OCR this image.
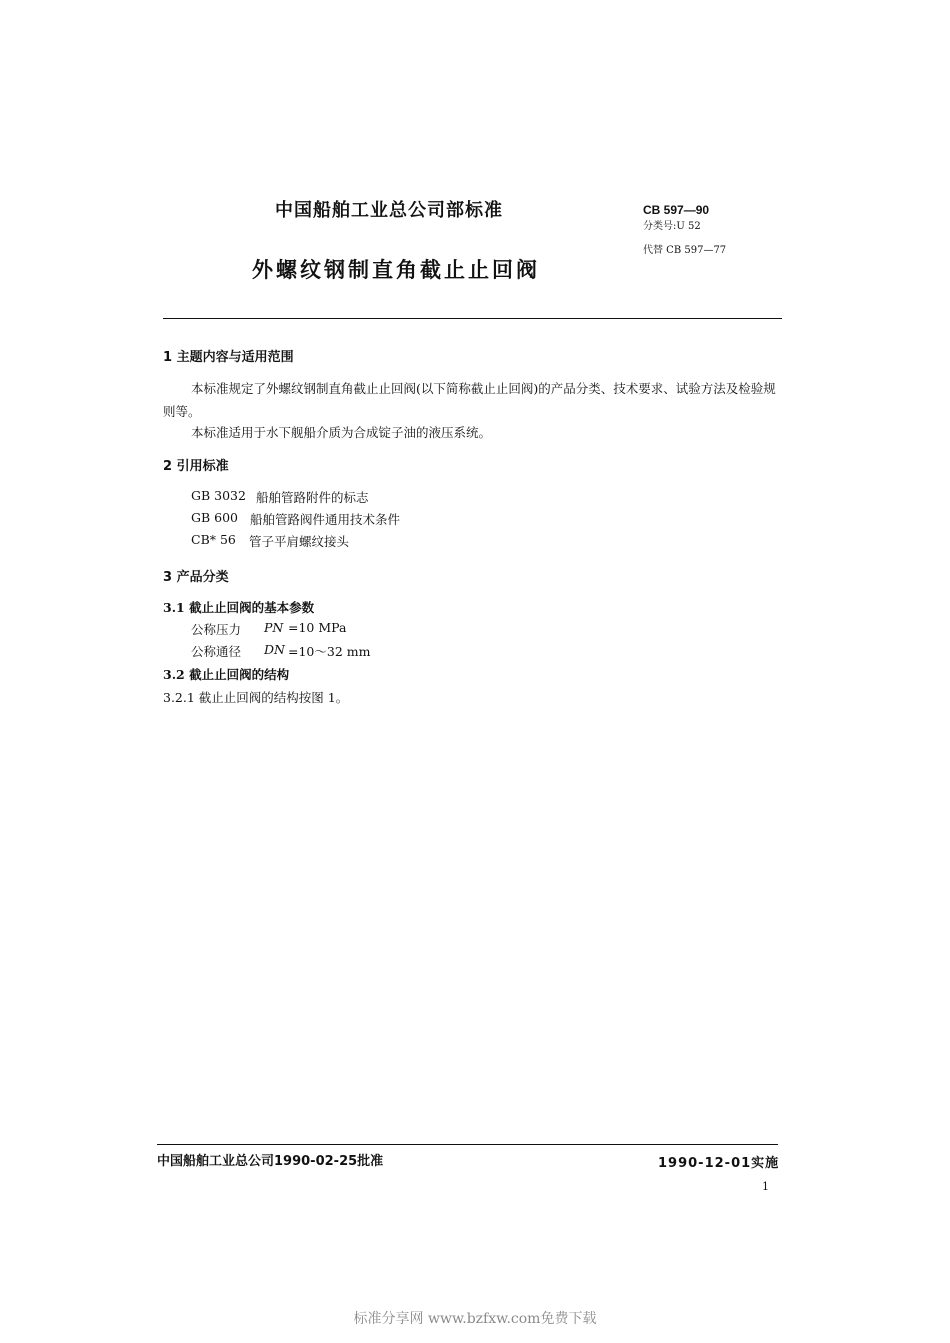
中国船舶工业总公司部标准
外螺纹钢制直角截止止回阀
CB 597—90
分类号:U 52
代替 CB 597—77
1 主题内容与适用范围
本标准规定了外螺纹钢制直角截止止回阀(以下简称截止止回阀)的产品分类、技术要求、试验方法及检验规则等。
本标准适用于水下舰船介质为合成锭子油的液压系统。
2 引用标准
GB 3032 船舶管路附件的标志
GB 600 船舶管路阀件通用技术条件
CB* 56 管子平肩螺纹接头
3 产品分类
3.1 截止止回阀的基本参数
公称压力 PN =10 MPa
公称通径 DN =10～32 mm
3.2 截止止回阀的结构
3.2.1 截止止回阀的结构按图 1。
中国船舶工业总公司1990-02-25批准	1990-12-01实施
1
标准分享网 www.bzfxw.com免费下载
